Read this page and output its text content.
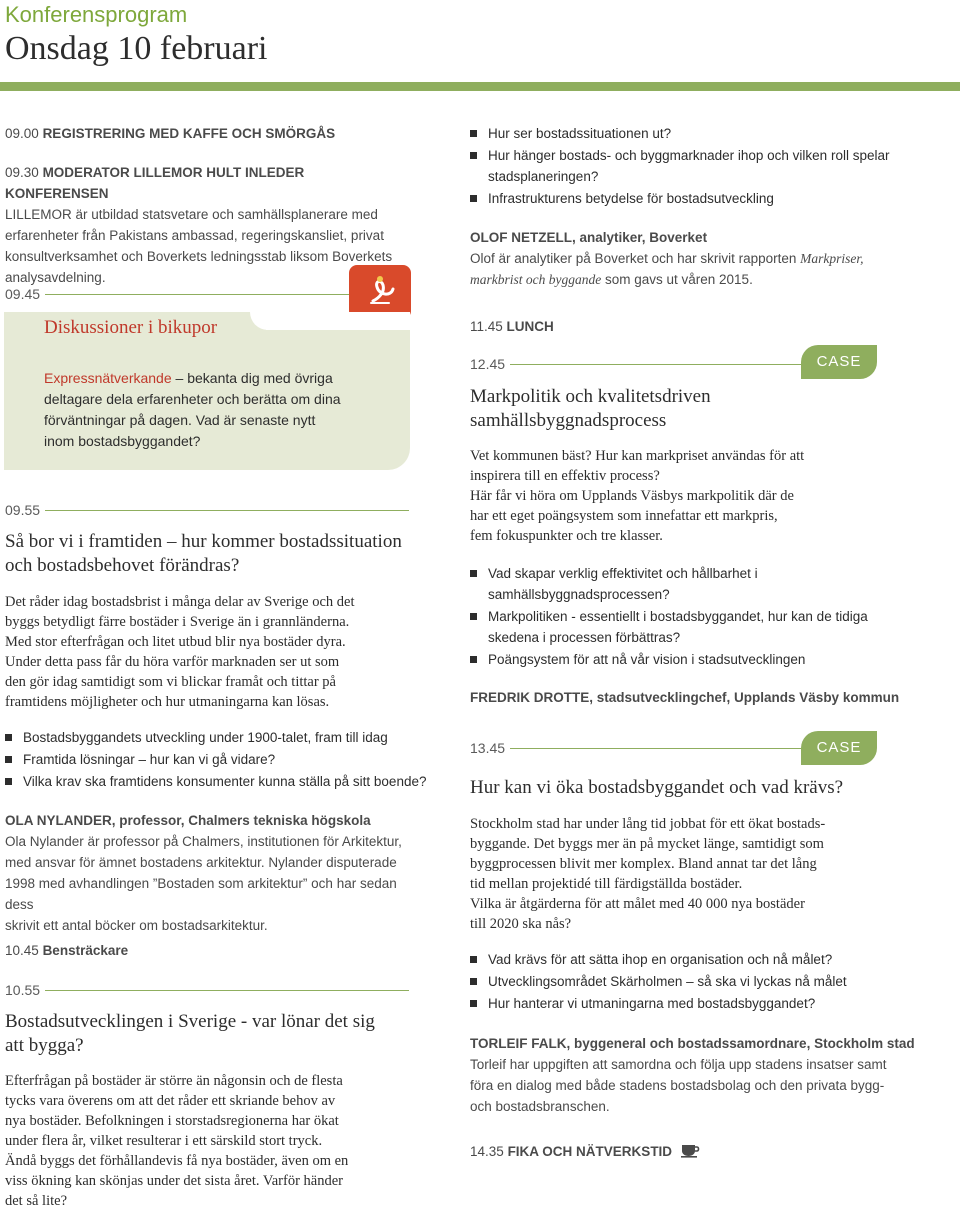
Konferensprogram
Onsdag 10 februari
09.00 REGISTRERING MED KAFFE OCH SMÖRGÅS
09.30 MODERATOR LILLEMOR HULT INLEDER KONFERENSEN
LILLEMOR är utbildad statsvetare och samhällsplanerare med
erfarenheter från Pakistans ambassad, regeringskansliet, privat
konsultverksamhet och Boverkets ledningsstab liksom Boverkets
analysavdelning.
09.45
Diskussioner i bikupor
Expressnätverkande – bekanta dig med övriga
deltagare dela erfarenheter och berätta om dina
förväntningar på dagen. Vad är senaste nytt
inom bostadsbyggandet?
09.55
Så bor vi i framtiden – hur kommer bostadssituation
och bostadsbehovet förändras?
Det råder idag bostadsbrist i många delar av Sverige och det
byggs betydligt färre bostäder i Sverige än i grannländerna.
Med stor efterfrågan och litet utbud blir nya bostäder dyra.
Under detta pass får du höra varför marknaden ser ut som
den gör idag samtidigt som vi blickar framåt och tittar på
framtidens möjligheter och hur utmaningarna kan lösas.
Bostadsbyggandets utveckling under 1900-talet, fram till idag
Framtida lösningar – hur kan vi gå vidare?
Vilka krav ska framtidens konsumenter kunna ställa på sitt boende?
OLA NYLANDER, professor, Chalmers tekniska högskola
Ola Nylander är professor på Chalmers, institutionen för Arkitektur,
med ansvar för ämnet bostadens arkitektur. Nylander disputerade
1998 med avhandlingen ”Bostaden som arkitektur” och har sedan dess
skrivit ett antal böcker om bostadsarkitektur.
10.45 Bensträckare
10.55
Bostadsutvecklingen i Sverige - var lönar det sig
att bygga?
Efterfrågan på bostäder är större än någonsin och de flesta
tycks vara överens om att det råder ett skriande behov av
nya bostäder. Befolkningen i storstadsregionerna har ökat
under flera år, vilket resulterar i ett särskild stort tryck.
Ändå byggs det förhållandevis få nya bostäder, även om en
viss ökning kan skönjas under det sista året. Varför händer
det så lite?
Hur ser bostadssituationen ut?
Hur hänger bostads- och byggmarknader ihop och vilken roll spelar
stadsplaneringen?
Infrastrukturens betydelse för bostadsutveckling
OLOF NETZELL, analytiker, Boverket
Olof är analytiker på Boverket och har skrivit rapporten Markpriser,
markbrist och byggande som gavs ut våren 2015.
11.45 LUNCH
12.45	CASE
Markpolitik och kvalitetsdriven
samhällsbyggnadsprocess
Vet kommunen bäst? Hur kan markpriset användas för att
inspirera till en effektiv process?
Här får vi höra om Upplands Väsbys markpolitik där de
har ett eget poängsystem som innefattar ett markpris,
fem fokuspunkter och tre klasser.
Vad skapar verklig effektivitet och hållbarhet i
samhällsbyggnadsprocessen?
Markpolitiken - essentiellt i bostadsbyggandet, hur kan de tidiga
skedena i processen förbättras?
Poängsystem för att nå vår vision i stadsutvecklingen
FREDRIK DROTTE, stadsutvecklingchef, Upplands Väsby kommun
13.45	CASE
Hur kan vi öka bostadsbyggandet och vad krävs?
Stockholm stad har under lång tid jobbat för ett ökat bostads-
byggande. Det byggs mer än på mycket länge, samtidigt som
byggprocessen blivit mer komplex. Bland annat tar det lång
tid mellan projektidé till färdigställda bostäder.
Vilka är åtgärderna för att målet med 40 000 nya bostäder
till 2020 ska nås?
Vad krävs för att sätta ihop en organisation och nå målet?
Utvecklingsområdet Skärholmen – så ska vi lyckas nå målet
Hur hanterar vi utmaningarna med bostadsbyggandet?
TORLEIF FALK, byggeneral och bostadssamordnare, Stockholm stad
Torleif har uppgiften att samordna och följa upp stadens insatser samt
föra en dialog med både stadens bostadsbolag och den privata bygg-
och bostadsbranschen.
14.35 FIKA OCH NÄTVERKSTID
